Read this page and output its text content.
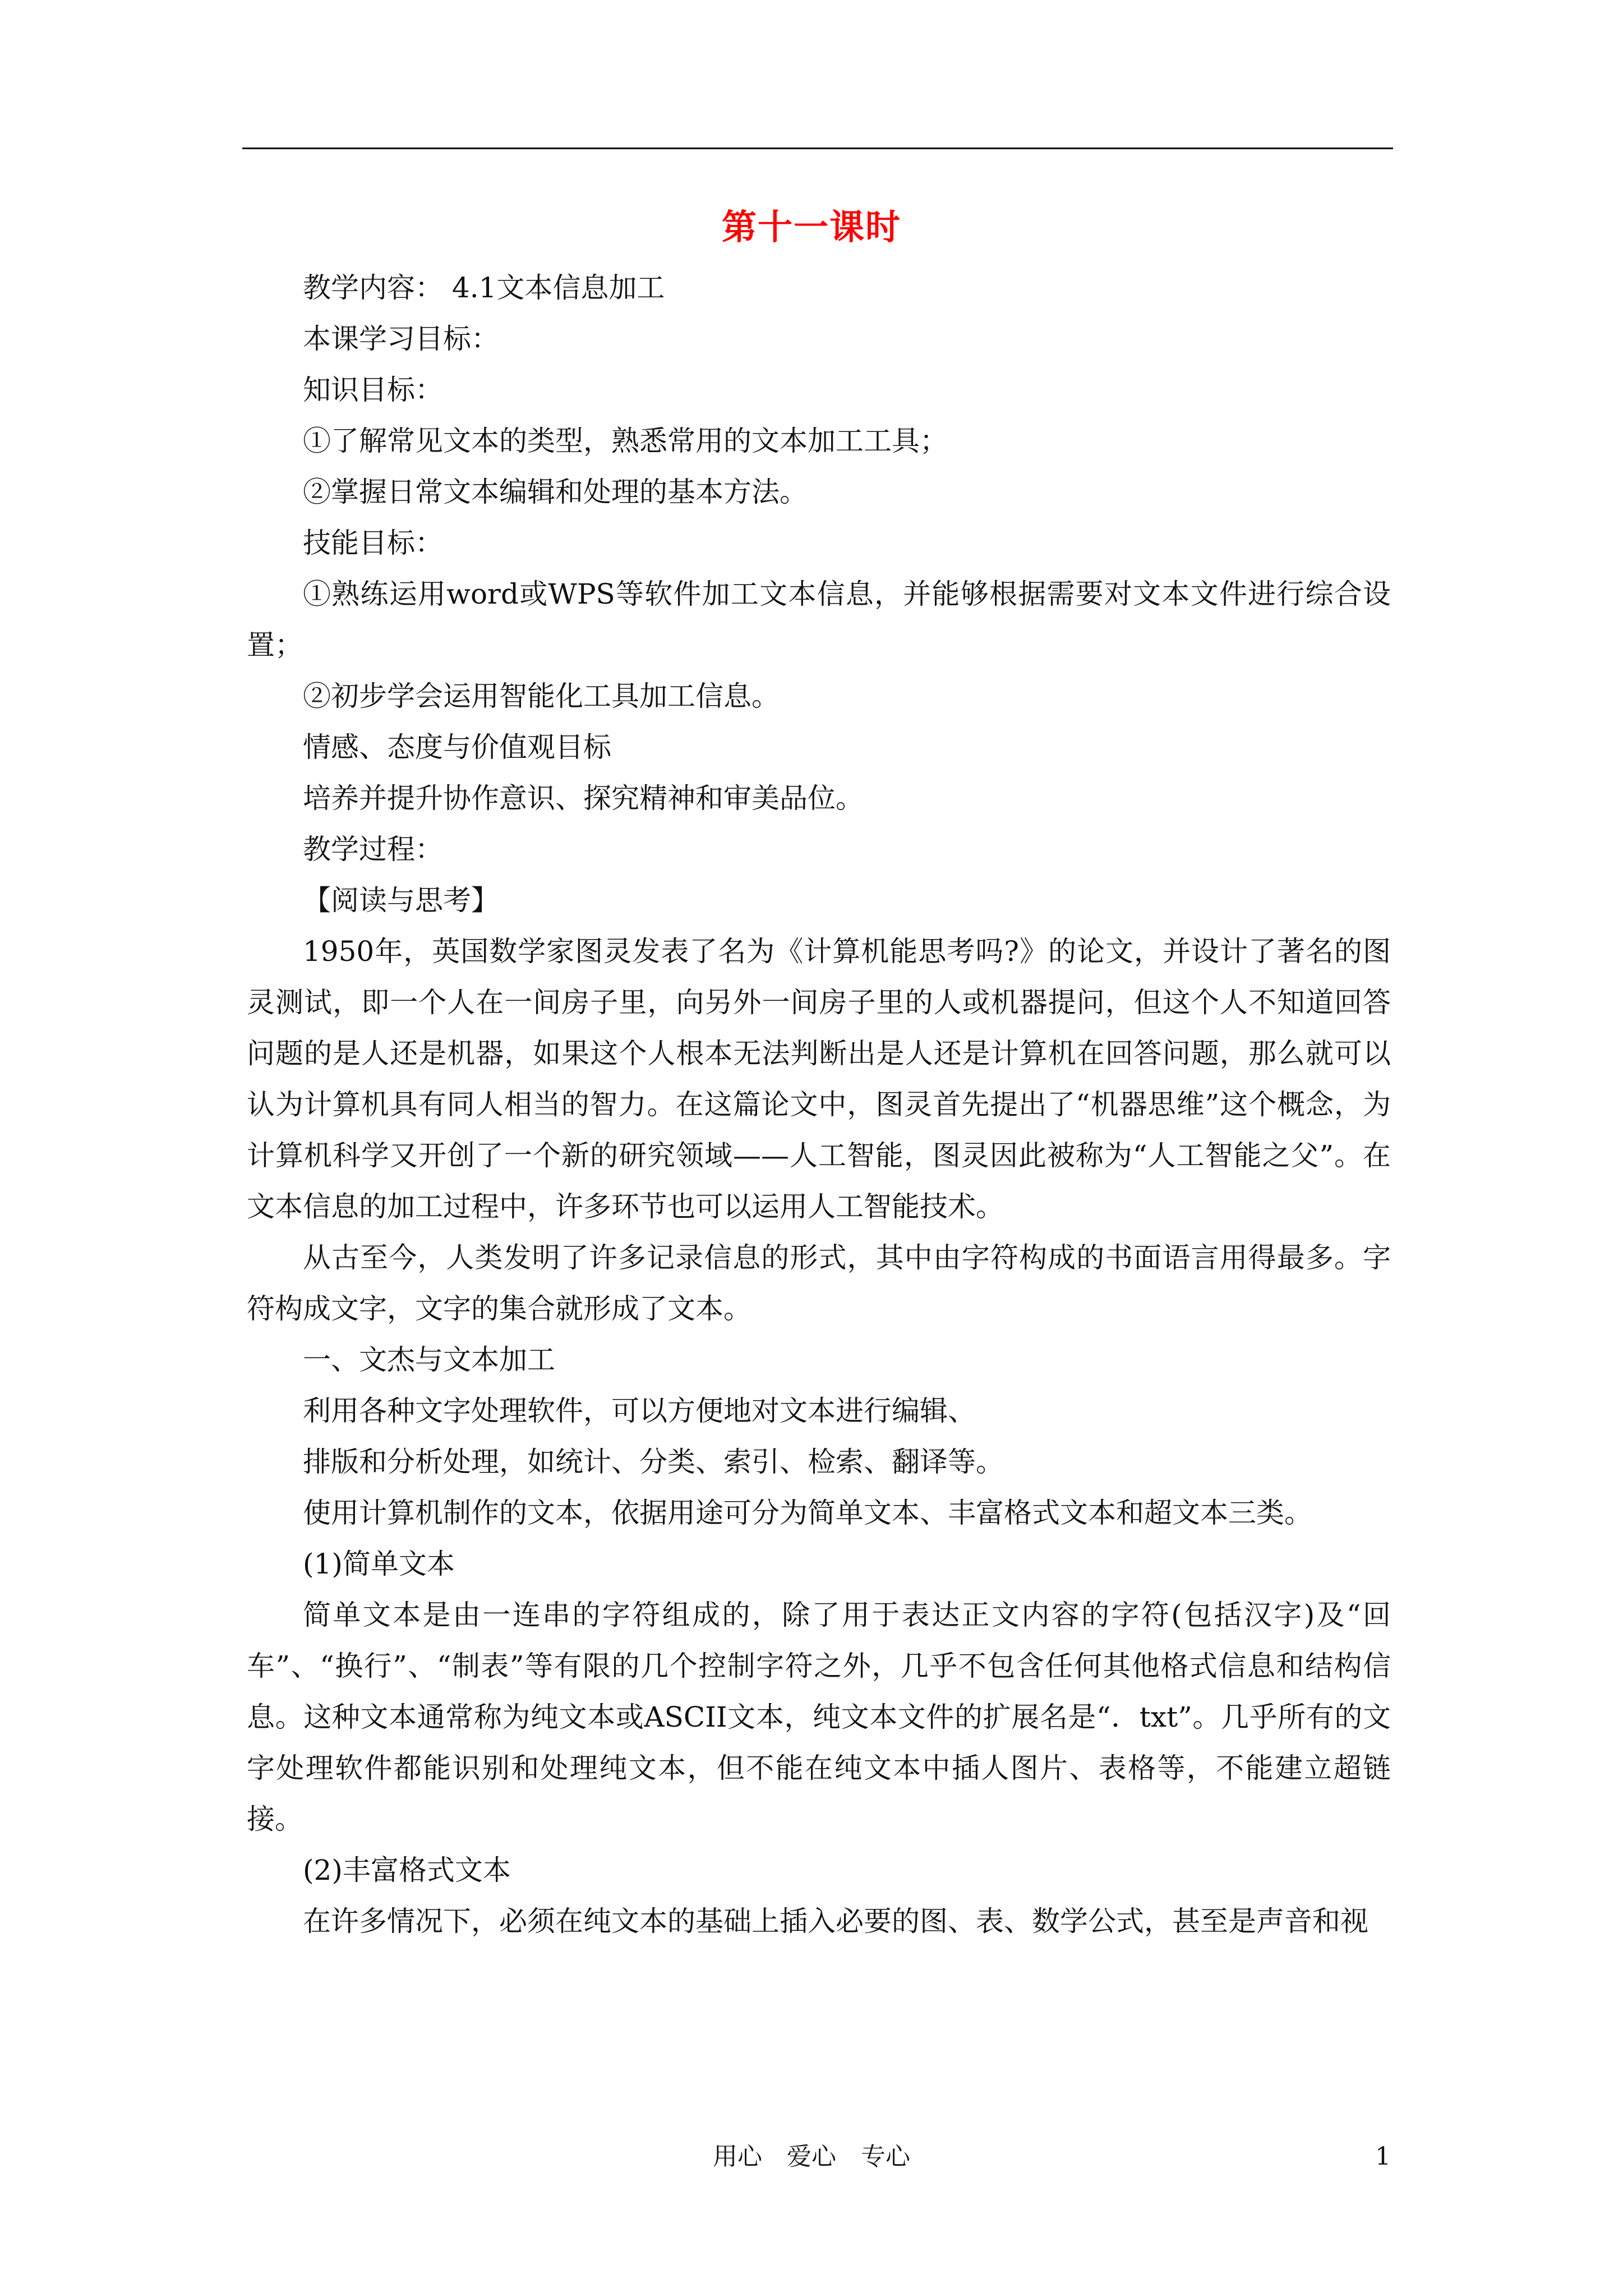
第十一课时

教学内容： 4.1文本信息加工

本课学习目标：

知识目标：

①了解常见文本的类型，熟悉常用的文本加工工具；

②掌握日常文本编辑和处理的基本方法。

技能目标：

①熟练运用word或WPS等软件加工文本信息，并能够根据需要对文本文件进行综合设置；

②初步学会运用智能化工具加工信息。

情感、态度与价值观目标

培养并提升协作意识、探究精神和审美品位。

教学过程：

【阅读与思考】

1950年，英国数学家图灵发表了名为《计算机能思考吗?》的论文，并设计了著名的图灵测试，即一个人在一间房子里，向另外一间房子里的人或机器提问，但这个人不知道回答问题的是人还是机器，如果这个人根本无法判断出是人还是计算机在回答问题，那么就可以认为计算机具有同人相当的智力。在这篇论文中，图灵首先提出了“机器思维”这个概念，为计算机科学又开创了一个新的研究领域——人工智能，图灵因此被称为“人工智能之父”。在文本信息的加工过程中，许多环节也可以运用人工智能技术。

从古至今，人类发明了许多记录信息的形式，其中由字符构成的书面语言用得最多。字符构成文字，文字的集合就形成了文本。

一、文杰与文本加工

利用各种文字处理软件，可以方便地对文本进行编辑、

排版和分析处理，如统计、分类、索引、检索、翻译等。

使用计算机制作的文本，依据用途可分为简单文本、丰富格式文本和超文本三类。

(1)简单文本

简单文本是由一连串的字符组成的，除了用于表达正文内容的字符(包括汉字)及“回车”、“换行”、“制表”等有限的几个控制字符之外，几乎不包含任何其他格式信息和结构信息。这种文本通常称为纯文本或ASCII文本，纯文本文件的扩展名是“．txt”。几乎所有的文字处理软件都能识别和处理纯文本，但不能在纯文本中插人图片、表格等，不能建立超链接。

(2)丰富格式文本

在许多情况下，必须在纯文本的基础上插入必要的图、表、数学公式，甚至是声音和视

用心 爱心 专心	1
